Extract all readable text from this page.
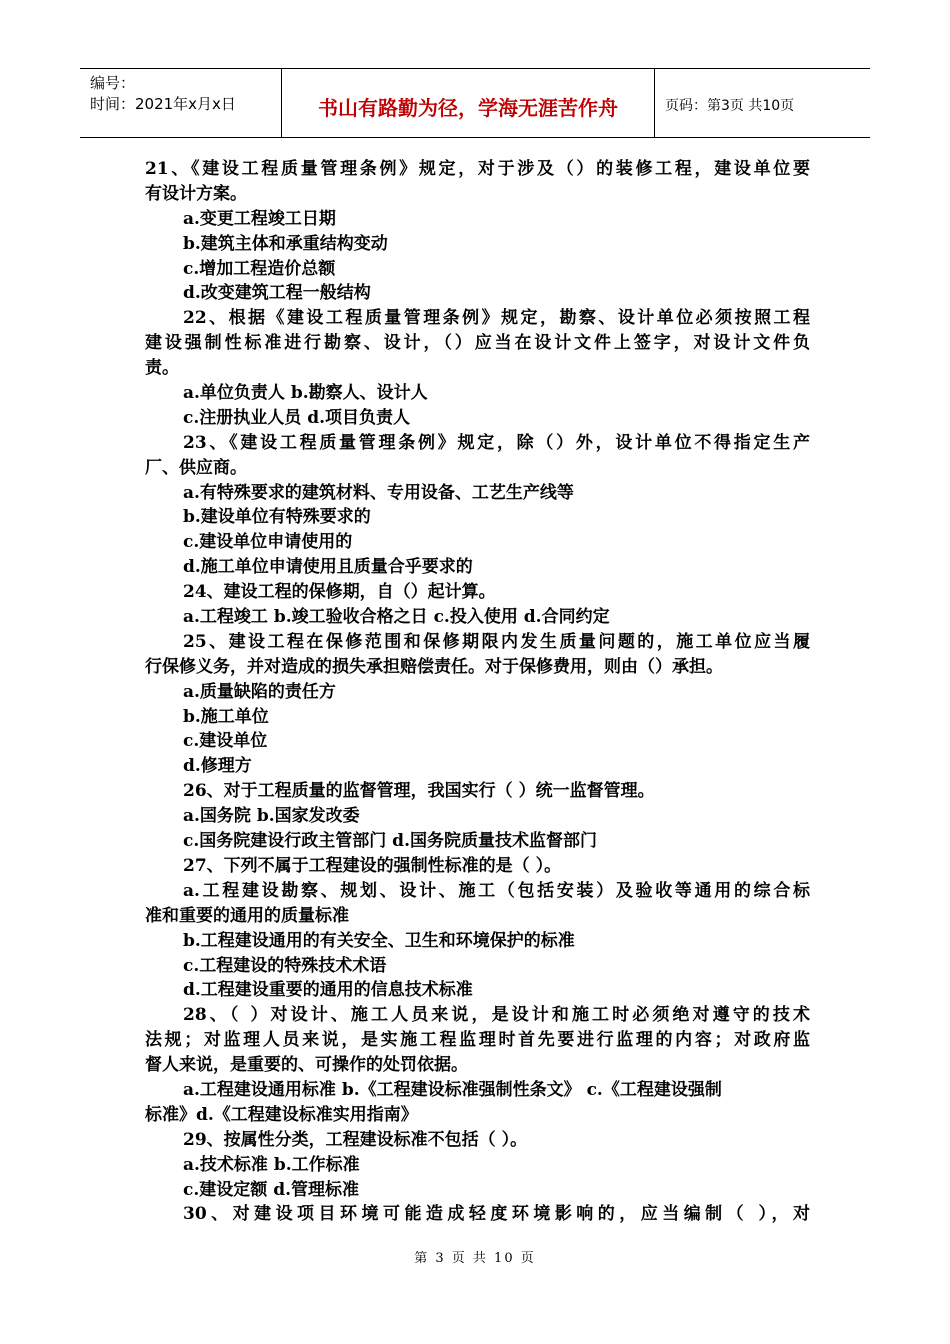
编号：
时间：2021年x月x日	书山有路勤为径，学海无涯苦作舟	页码：第3页 共10页
21、《建设工程质量管理条例》规定，对于涉及（）的装修工程，建设单位要
有设计方案。
a.变更工程竣工日期
b.建筑主体和承重结构变动
c.增加工程造价总额
d.改变建筑工程一般结构
22、根据《建设工程质量管理条例》规定，勘察、设计单位必须按照工程
建设强制性标准进行勘察、设计，（）应当在设计文件上签字，对设计文件负
责。
a.单位负责人 b.勘察人、设计人
c.注册执业人员 d.项目负责人
23、《建设工程质量管理条例》规定，除（）外，设计单位不得指定生产
厂、供应商。
a.有特殊要求的建筑材料、专用设备、工艺生产线等
b.建设单位有特殊要求的
c.建设单位申请使用的
d.施工单位申请使用且质量合乎要求的
24、建设工程的保修期，自（）起计算。
a.工程竣工 b.竣工验收合格之日 c.投入使用 d.合同约定
25、建设工程在保修范围和保修期限内发生质量问题的，施工单位应当履
行保修义务，并对造成的损失承担赔偿责任。对于保修费用，则由（）承担。
a.质量缺陷的责任方
b.施工单位
c.建设单位
d.修理方
26、对于工程质量的监督管理，我国实行（ ）统一监督管理。
a.国务院 b.国家发改委
c.国务院建设行政主管部门 d.国务院质量技术监督部门
27、下列不属于工程建设的强制性标准的是（ ）。
a.工程建设勘察、规划、设计、施工（包括安装）及验收等通用的综合标
准和重要的通用的质量标准
b.工程建设通用的有关安全、卫生和环境保护的标准
c.工程建设的特殊技术术语
d.工程建设重要的通用的信息技术标准
28、（ ）对设计、施工人员来说，是设计和施工时必须绝对遵守的技术
法规；对监理人员来说，是实施工程监理时首先要进行监理的内容；对政府监
督人来说，是重要的、可操作的处罚依据。
a.工程建设通用标准 b.《工程建设标准强制性条文》 c.《工程建设强制
标准》d.《工程建设标准实用指南》
29、按属性分类，工程建设标准不包括（ ）。
a.技术标准 b.工作标准
c.建设定额 d.管理标准
30、对建设项目环境可能造成轻度环境影响的，应当编制（ ），对
第 3 页 共 10 页
